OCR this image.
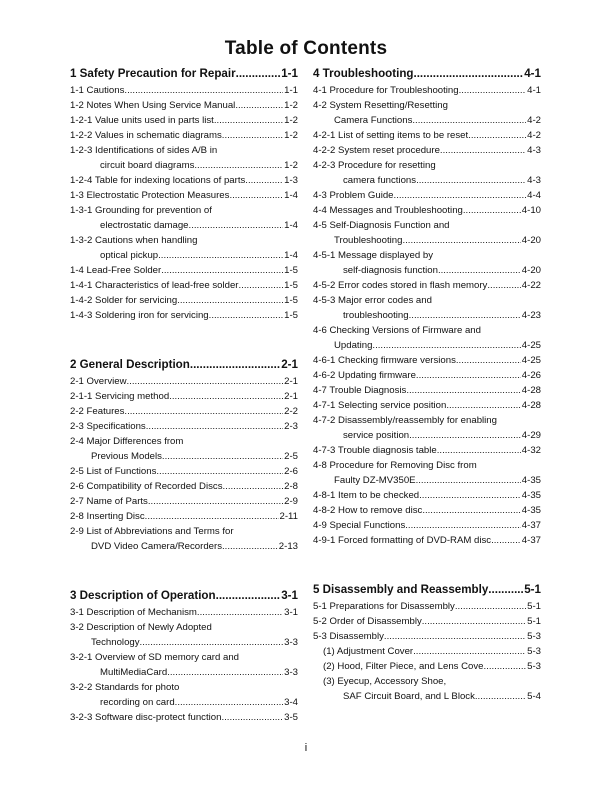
Table of Contents
1 Safety Precaution for Repair .....	1-1
1-1 Cautions .....	1-1
1-2 Notes When Using Service Manual .....	1-2
1-2-1 Value units used in parts list .....	1-2
1-2-2 Values in schematic diagrams .....	1-2
1-2-3 Identifications of sides A/B in
circuit board diagrams .....	1-2
1-2-4 Table for indexing locations of parts .....	1-3
1-3 Electrostatic Protection Measures .....	1-4
1-3-1 Grounding for prevention of
electrostatic damage .....	1-4
1-3-2 Cautions when handling
optical pickup .....	1-4
1-4 Lead-Free Solder .....	1-5
1-4-1 Characteristics of lead-free solder .....	1-5
1-4-2 Solder for servicing .....	1-5
1-4-3 Soldering iron for servicing .....	1-5
2 General Description .....	2-1
2-1 Overview .....	2-1
2-1-1 Servicing method .....	2-1
2-2 Features .....	2-2
2-3 Specifications .....	2-3
2-4 Major Differences from
Previous Models .....	2-5
2-5 List of Functions .....	2-6
2-6 Compatibility of Recorded Discs .....	2-8
2-7 Name of Parts .....	2-9
2-8 Inserting Disc .....	2-11
2-9 List of Abbreviations and Terms for
DVD Video Camera/Recorders .....	2-13
3 Description of Operation .....	3-1
3-1 Description of Mechanism .....	3-1
3-2 Description of Newly Adopted
Technology .....	3-3
3-2-1 Overview of SD memory card and
MultiMediaCard .....	3-3
3-2-2 Standards for photo
recording on card .....	3-4
3-2-3 Software disc-protect function .....	3-5
4 Troubleshooting .....	4-1
4-1 Procedure for Troubleshooting .....	4-1
4-2 System Resetting/Resetting
Camera Functions .....	4-2
4-2-1 List of setting items to be reset .....	4-2
4-2-2 System reset procedure .....	4-3
4-2-3 Procedure for resetting
camera functions .....	4-3
4-3 Problem Guide .....	4-4
4-4 Messages and Troubleshooting .....	4-10
4-5 Self-Diagnosis Function and
Troubleshooting .....	4-20
4-5-1 Message displayed by
self-diagnosis function .....	4-20
4-5-2 Error codes stored in flash memory .....	4-22
4-5-3 Major error codes and
troubleshooting .....	4-23
4-6 Checking Versions of Firmware and
Updating .....	4-25
4-6-1 Checking firmware versions .....	4-25
4-6-2 Updating firmware .....	4-26
4-7 Trouble Diagnosis .....	4-28
4-7-1 Selecting service position .....	4-28
4-7-2 Disassembly/reassembly for enabling
service position .....	4-29
4-7-3 Trouble diagnosis table .....	4-32
4-8 Procedure for Removing Disc from
Faulty DZ-MV350E .....	4-35
4-8-1 Item to be checked .....	4-35
4-8-2 How to remove disc .....	4-35
4-9 Special Functions .....	4-37
4-9-1 Forced formatting of DVD-RAM disc .....	4-37
5 Disassembly and Reassembly .....	5-1
5-1 Preparations for Disassembly .....	5-1
5-2 Order of Disassembly .....	5-1
5-3 Disassembly .....	5-3
(1) Adjustment Cover .....	5-3
(2) Hood, Filter Piece, and Lens Cove .....	5-3
(3) Eyecup, Accessory Shoe,
SAF Circuit Board, and L Block .....	5-4
i
